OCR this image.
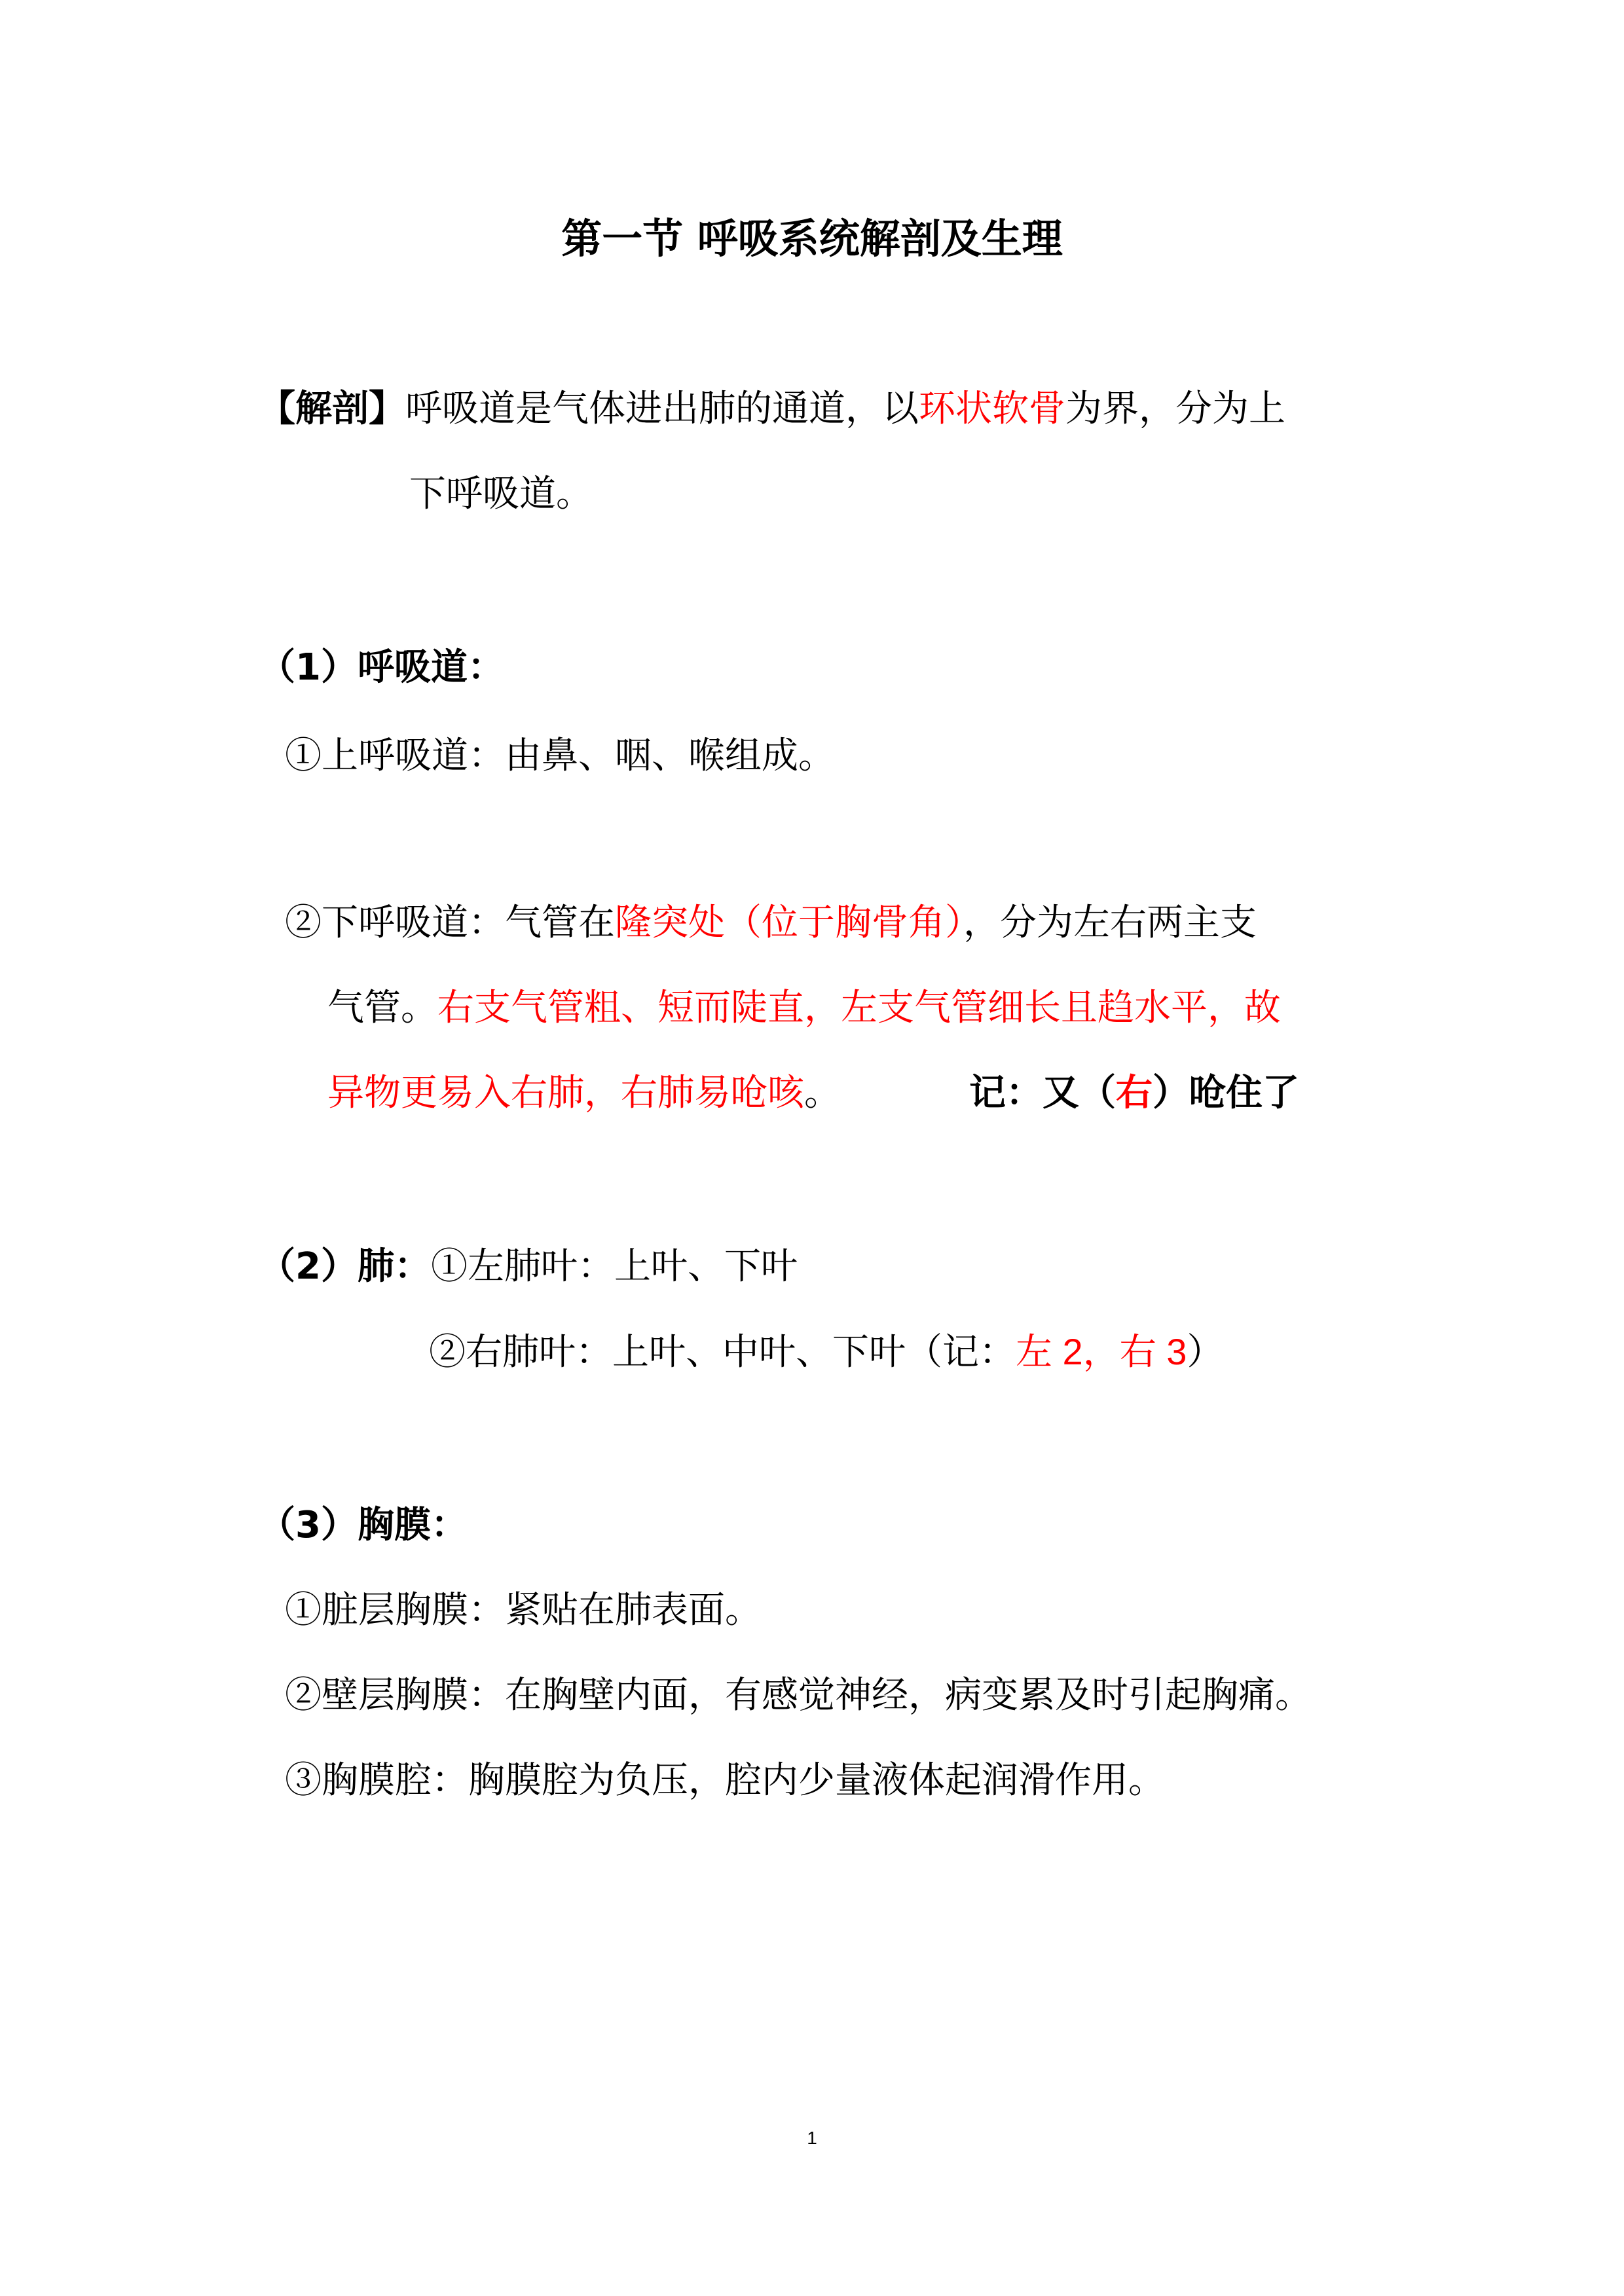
第一节 呼吸系统解剖及生理
【解剖】呼吸道是气体进出肺的通道，以环状软骨为界，分为上
下呼吸道。
（1）呼吸道：
①上呼吸道：由鼻、咽、喉组成。
②下呼吸道：气管在隆突处（位于胸骨角），分为左右两主支
气管。右支气管粗、短而陡直，左支气管细长且趋水平，故
异物更易入右肺，右肺易呛咳。	记：又（右）呛住了
（2）肺：①左肺叶：上叶、下叶
②右肺叶：上叶、中叶、下叶（记：左 2，右 3）
（3）胸膜：
①脏层胸膜：紧贴在肺表面。
②壁层胸膜：在胸壁内面，有感觉神经，病变累及时引起胸痛。
③胸膜腔：胸膜腔为负压，腔内少量液体起润滑作用。
1
